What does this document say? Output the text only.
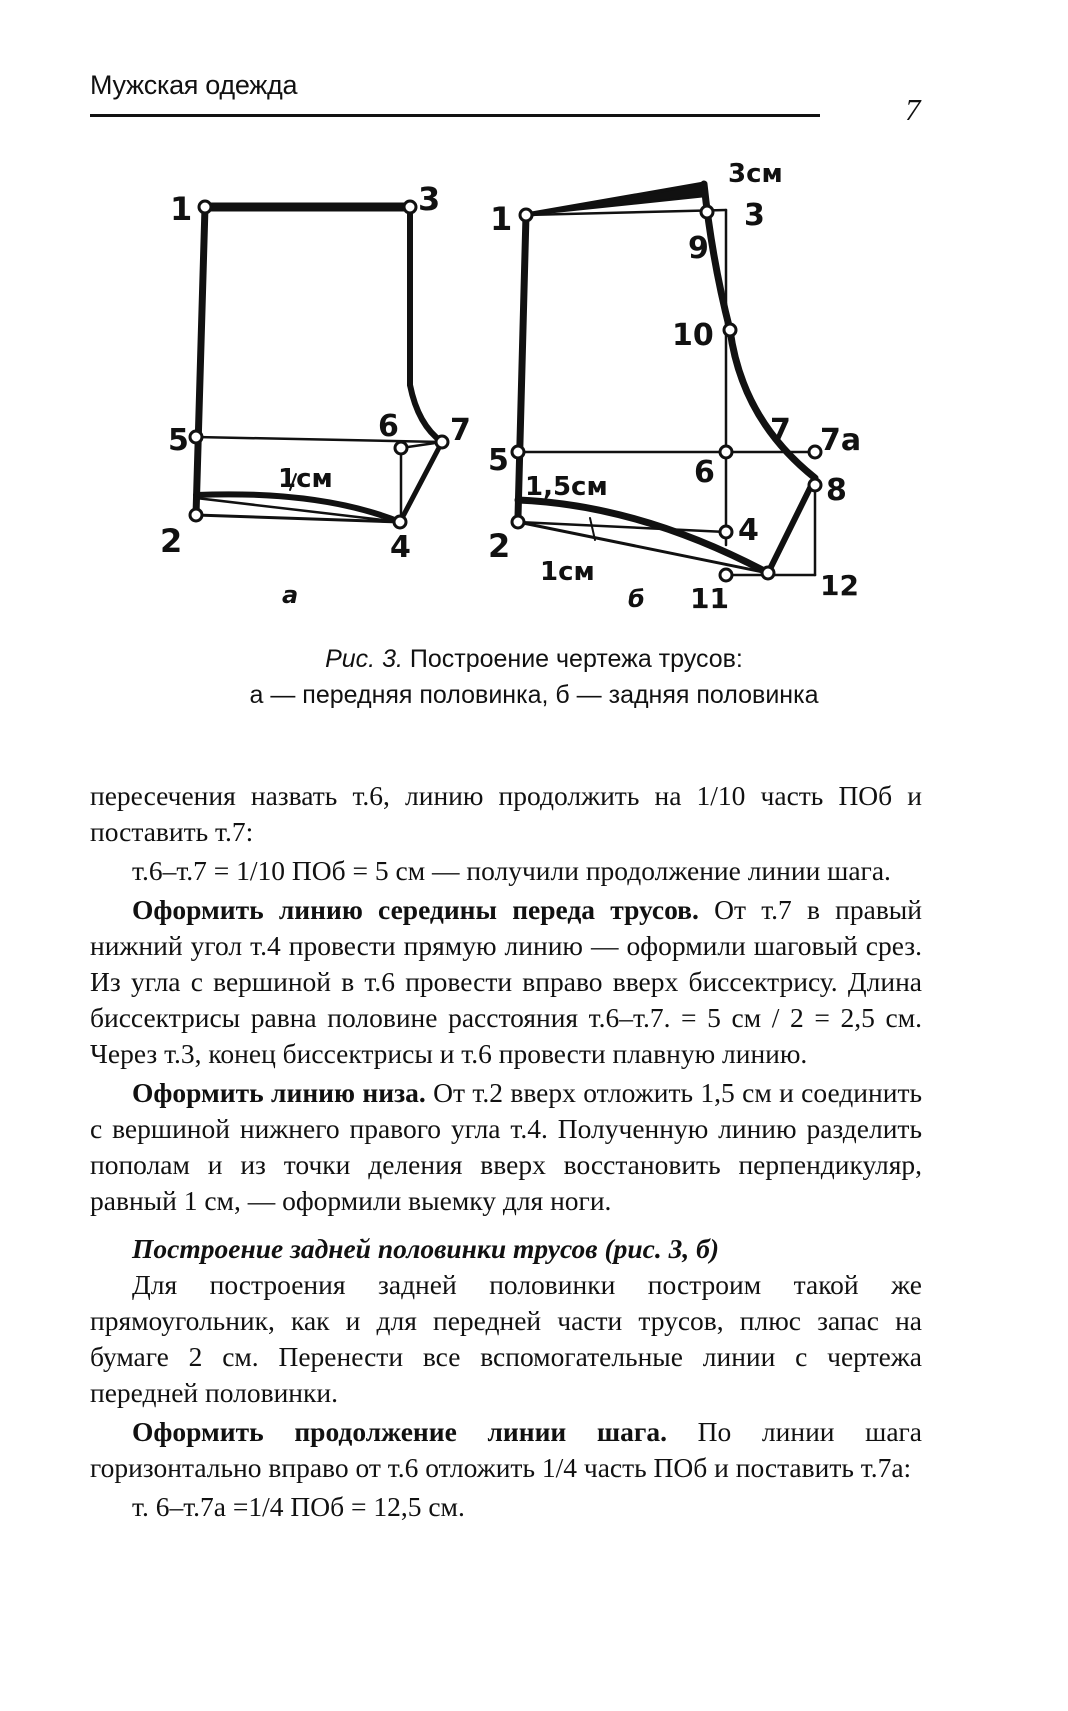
Мужская одежда
7
1	3
5	6 7
2	4
1см
а
1	3
9
10
7 7а
5	6
8
4
2
11	12
3см
1,5см
1см
б
Рис. 3. Построение чертежа трусов:
а — передняя половинка, б — задняя половинка

пересечения назвать т.6, линию продолжить на 1/10 часть ПОб и поставить т.7:

т.6–т.7 = 1/10 ПОб = 5 см — получили продолжение линии шага.

Оформить линию середины переда трусов. От т.7 в правый нижний угол т.4 провести прямую линию — оформили шаговый срез. Из угла с вершиной в т.6 провести вправо вверх биссектрису. Длина биссектрисы равна половине расстояния т.6–т.7. = 5 см / 2 = 2,5 см. Через т.3, конец биссектрисы и т.6 провести плавную линию.

Оформить линию низа. От т.2 вверх отложить 1,5 см и соединить с вершиной нижнего правого угла т.4. Полученную линию разделить пополам и из точки деления вверх восстановить перпендикуляр, равный 1 см, — оформили выемку для ноги.

Построение задней половинки трусов (рис. 3, б)

Для построения задней половинки построим такой же прямоугольник, как и для передней части трусов, плюс запас на бумаге 2 см. Перенести все вспомогательные линии с чертежа передней половинки.

Оформить продолжение линии шага. По линии шага горизонтально вправо от т.6 отложить 1/4 часть ПОб и поставить т.7а:

т. 6–т.7а =1/4 ПОб = 12,5 см.
